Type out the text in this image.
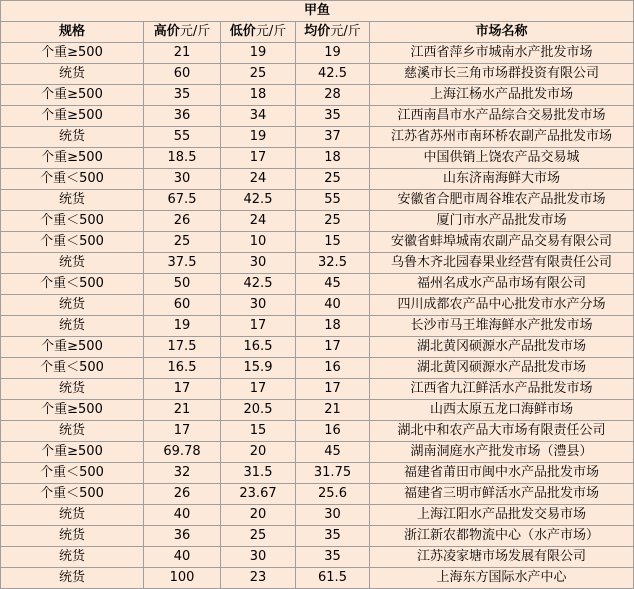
甲鱼				
规格	高价元/斤	低价元/斤	均价元/斤	市场名称
个重≥500	21	19	19	江西省萍乡市城南水产批发市场
统货	60	25	42.5	慈溪市长三角市场群投资有限公司
个重≥500	35	18	28	上海江杨水产品批发市场
个重≥500	36	34	35	江西南昌市水产品综合交易批发市场
统货	55	19	37	江苏省苏州市南环桥农副产品批发市场
个重≥500	18.5	17	18	中国供销上饶农产品交易城
个重＜500	30	24	25	山东济南海鲜大市场
统货	67.5	42.5	55	安徽省合肥市周谷堆农产品批发市场
个重＜500	26	24	25	厦门市水产品批发市场
个重＜500	25	10	15	安徽省蚌埠城南农副产品交易有限公司
统货	37.5	30	32.5	乌鲁木齐北园春果业经营有限责任公司
个重＜500	50	42.5	45	福州名成水产品市场有限公司
统货	60	30	40	四川成都农产品中心批发市水产分场
统货	19	17	18	长沙市马王堆海鲜水产批发市场
个重≥500	17.5	16.5	17	湖北黄冈硕源水产品批发市场
个重＜500	16.5	15.9	16	湖北黄冈硕源水产品批发市场
统货	17	17	17	江西省九江鲜活水产品批发市场
个重≥500	21	20.5	21	山西太原五龙口海鲜市场
统货	17	15	16	湖北中和农产品大市场有限责任公司
个重≥500	69.78	20	45	湖南洞庭水产批发市场（澧县）
个重＜500	32	31.5	31.75	福建省莆田市闽中水产品批发市场
个重＜500	26	23.67	25.6	福建省三明市鲜活水产品批发市场
统货	40	20	30	上海江阳水产品批发交易市场
统货	36	25	35	浙江新农都物流中心（水产市场）
统货	40	30	35	江苏凌家塘市场发展有限公司
统货	100	23	61.5	上海东方国际水产中心
